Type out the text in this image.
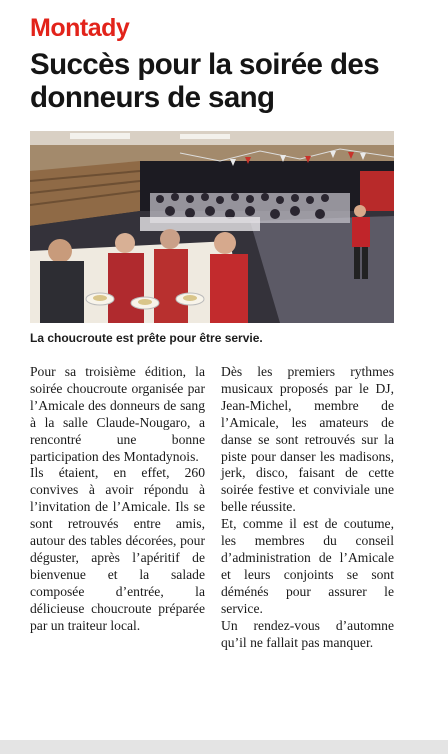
Montady
Succès pour la soirée des donneurs de sang
La choucroute est prête pour être servie.

Pour sa troisième édition, la soirée choucroute organisée par l’Amicale des donneurs de sang à la salle Claude-Nougaro, a rencontré une bonne participation des Montadynois.

Ils étaient, en effet, 260 convives à avoir répondu à l’invitation de l’Amicale. Ils se sont retrouvés entre amis, autour des tables décorées, pour déguster, après l’apéritif de bienvenue et la salade composée d’entrée, la délicieuse choucroute préparée par un traiteur local.

Dès les premiers rythmes musicaux proposés par le DJ, Jean-Michel, membre de l’Amicale, les amateurs de danse se sont retrouvés sur la piste pour danser les madisons, jerk, disco, faisant de cette soirée festive et conviviale une belle réussite.

Et, comme il est de coutume, les membres du conseil d’administration de l’Amicale et leurs conjoints se sont déménés pour assurer le service.

Un rendez-vous d’automne qu’il ne fallait pas manquer.
